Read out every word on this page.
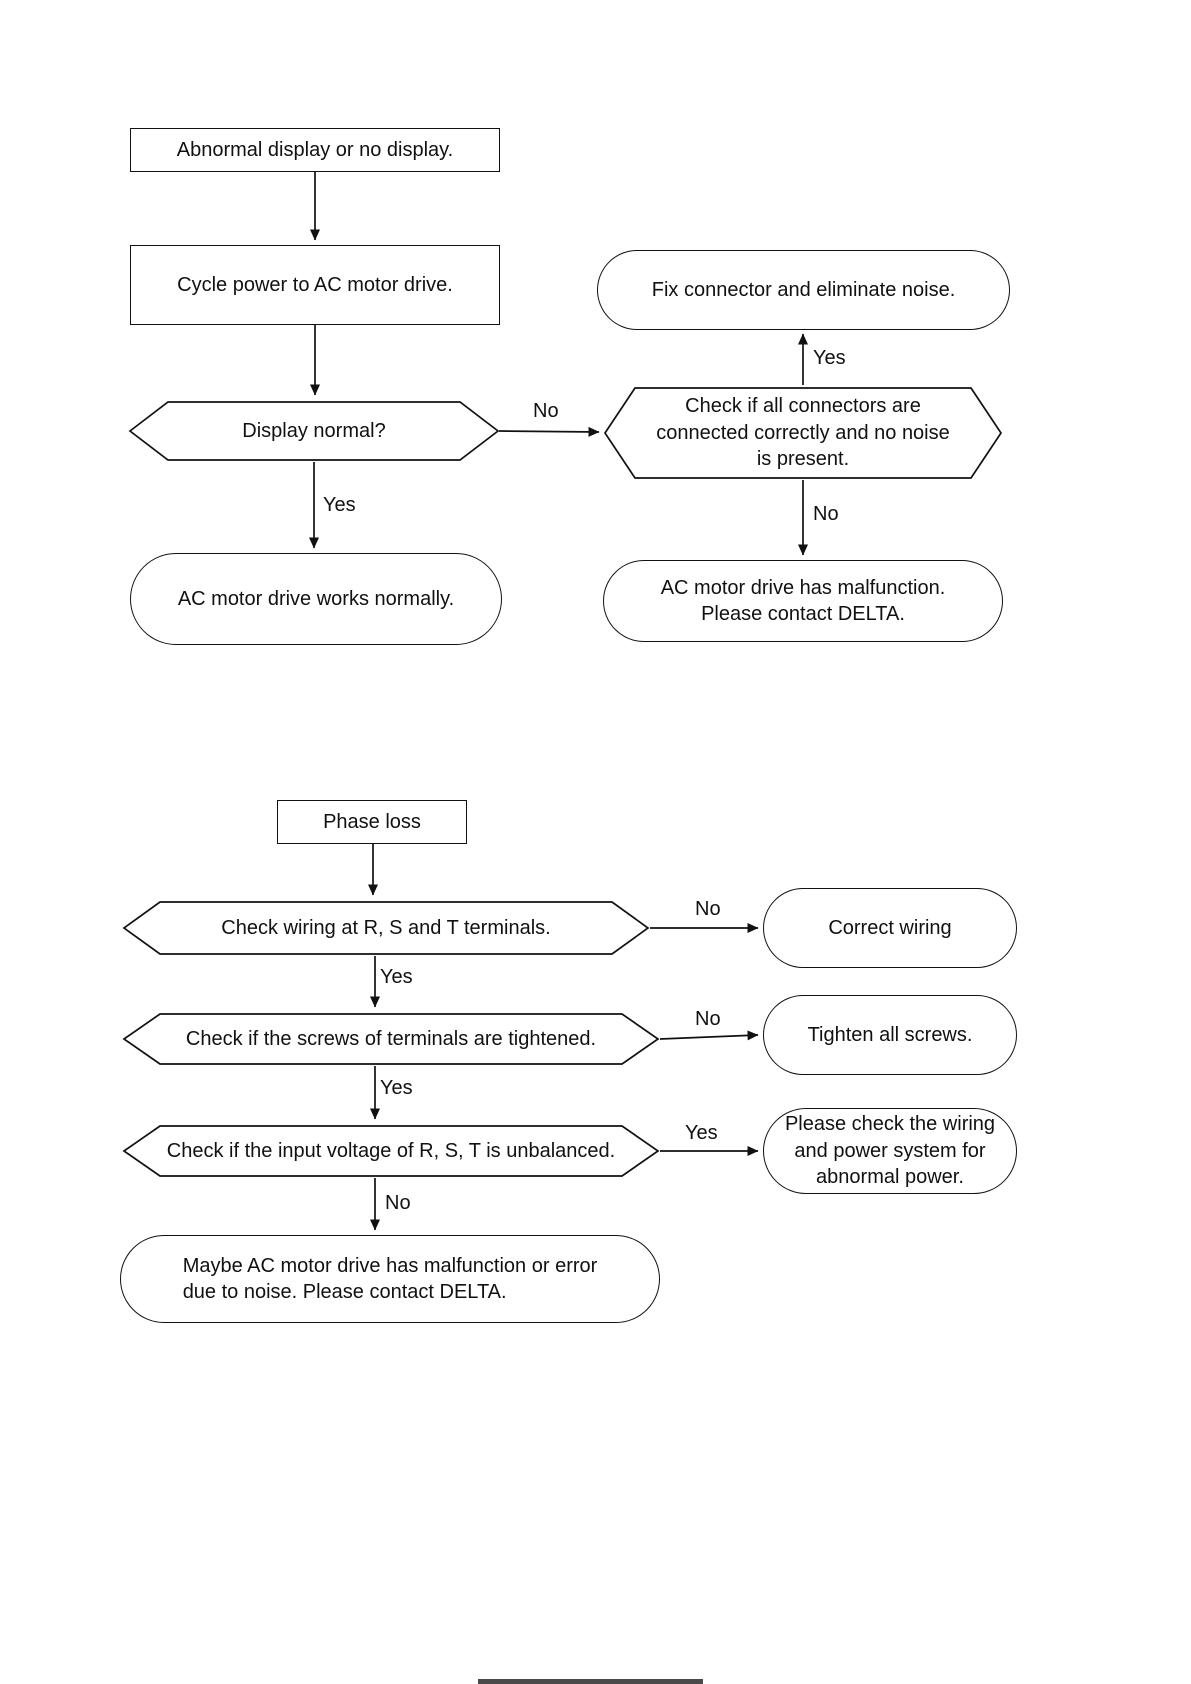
Abnormal display or no display.
Cycle power to AC motor drive.
Display normal?
Check if all connectors are
connected correctly and no noise
is present.
Fix connector and eliminate noise.
AC motor drive works normally.
AC motor drive has malfunction.
Please contact DELTA.
No
Yes
No
Yes
Phase loss
Check wiring at R, S and T terminals.	Correct wiring
Check if the screws of terminals are tightened.	Tighten all screws.
Check if the input voltage of R, S, T is unbalanced.
Please check the wiring
and power system for
abnormal power.
Maybe AC motor drive has malfunction or error
due to noise. Please contact DELTA.
No
Yes
No
Yes
Yes
No
